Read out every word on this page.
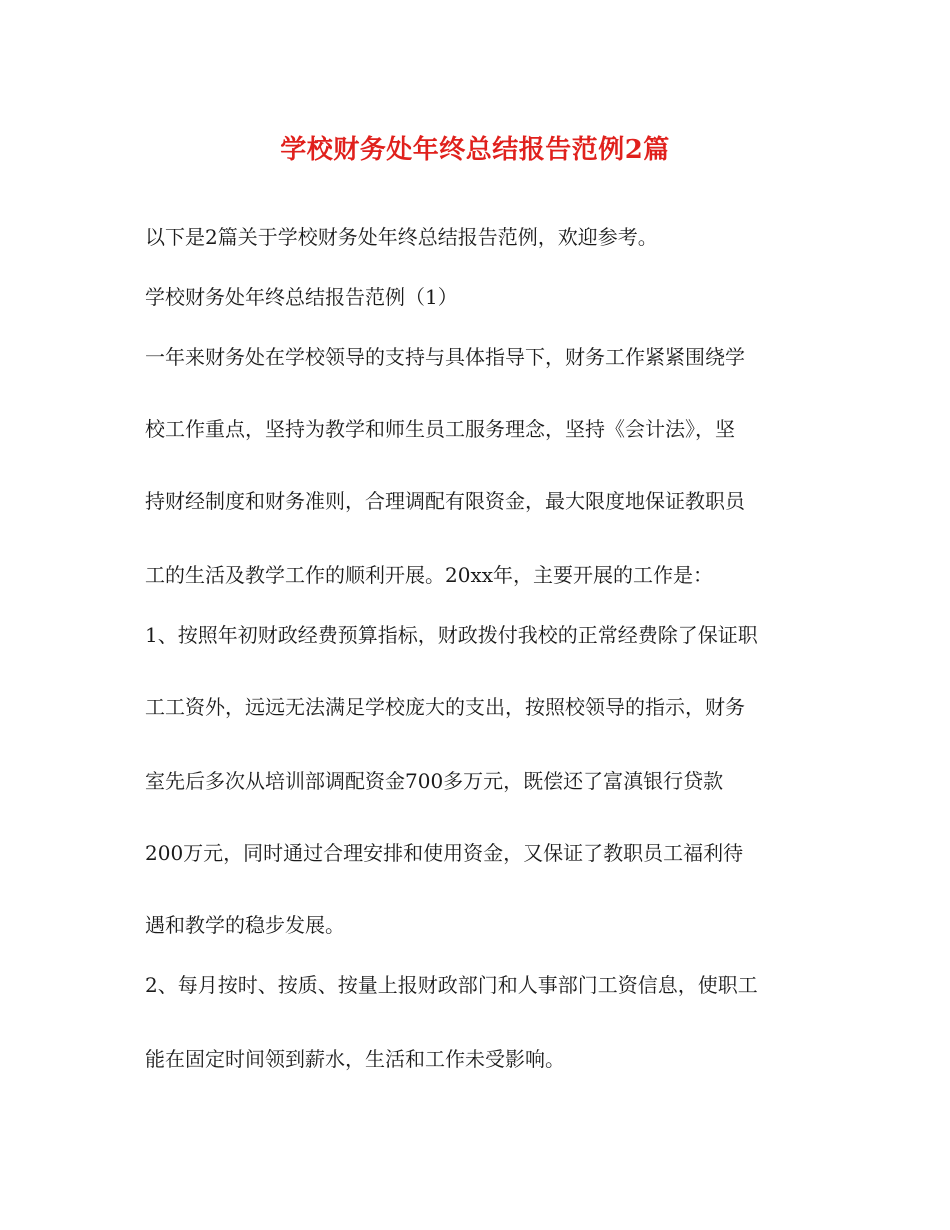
学校财务处年终总结报告范例2篇

以下是2篇关于学校财务处年终总结报告范例，欢迎参考。

学校财务处年终总结报告范例（1）

一年来财务处在学校领导的支持与具体指导下，财务工作紧紧围绕学

校工作重点，坚持为教学和师生员工服务理念，坚持《会计法》，坚

持财经制度和财务准则，合理调配有限资金，最大限度地保证教职员

工的生活及教学工作的顺利开展。20xx年，主要开展的工作是：

1、按照年初财政经费预算指标，财政拨付我校的正常经费除了保证职

工工资外，远远无法满足学校庞大的支出，按照校领导的指示，财务

室先后多次从培训部调配资金700多万元，既偿还了富滇银行贷款

200万元，同时通过合理安排和使用资金，又保证了教职员工福利待

遇和教学的稳步发展。

2、每月按时、按质、按量上报财政部门和人事部门工资信息，使职工

能在固定时间领到薪水，生活和工作未受影响。
